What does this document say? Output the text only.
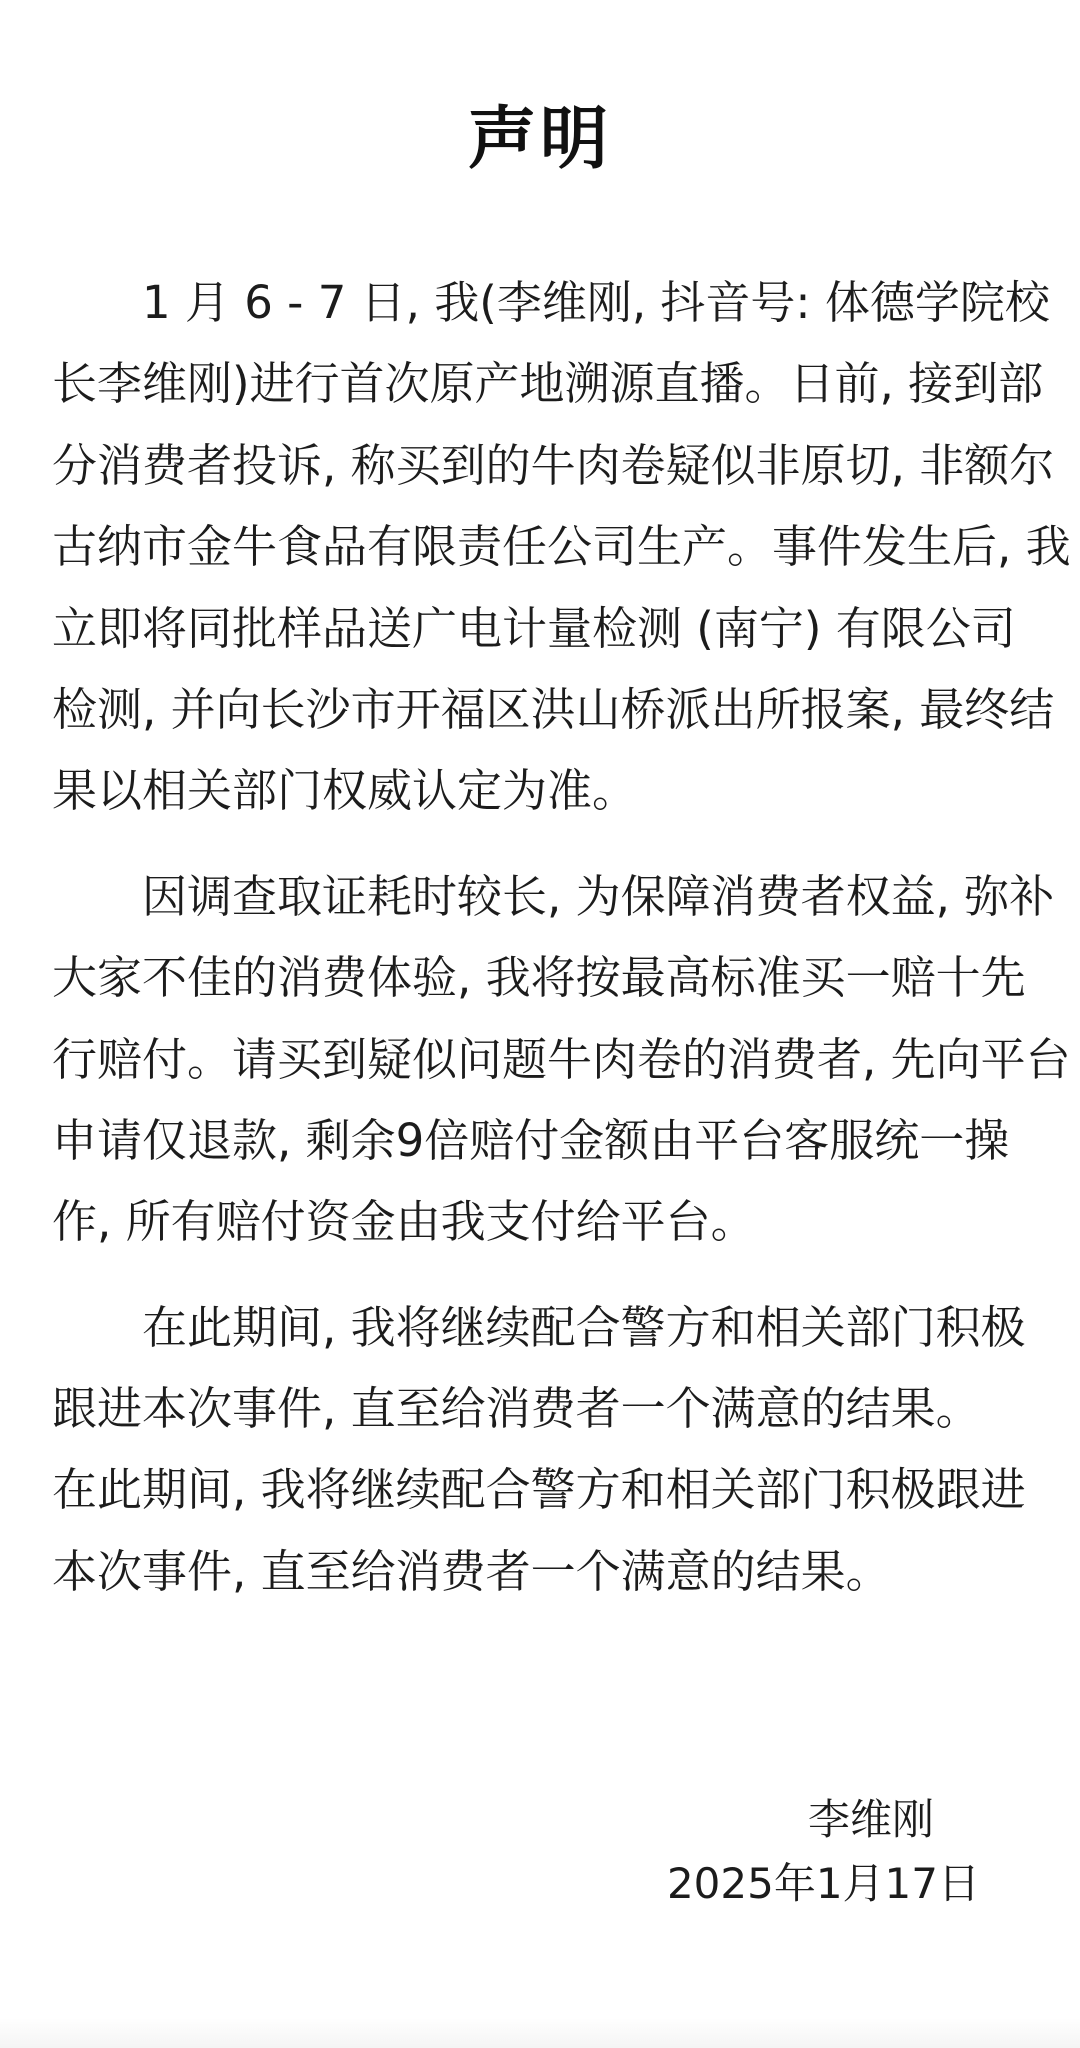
声明
1 月 6 - 7 日, 我(李维刚, 抖音号: 体德学院校
长李维刚)进行首次原产地溯源直播。日前, 接到部
分消费者投诉, 称买到的牛肉卷疑似非原切, 非额尔
古纳市金牛食品有限责任公司生产。事件发生后, 我
立即将同批样品送广电计量检测 (南宁) 有限公司
检测, 并向长沙市开福区洪山桥派出所报案, 最终结
果以相关部门权威认定为准。
因调查取证耗时较长, 为保障消费者权益, 弥补
大家不佳的消费体验, 我将按最高标准买一赔十先
行赔付。请买到疑似问题牛肉卷的消费者, 先向平台
申请仅退款, 剩余9倍赔付金额由平台客服统一操
作, 所有赔付资金由我支付给平台。
在此期间, 我将继续配合警方和相关部门积极
跟进本次事件, 直至给消费者一个满意的结果。
在此期间, 我将继续配合警方和相关部门积极跟进
本次事件, 直至给消费者一个满意的结果。
李维刚
2025年1月17日
